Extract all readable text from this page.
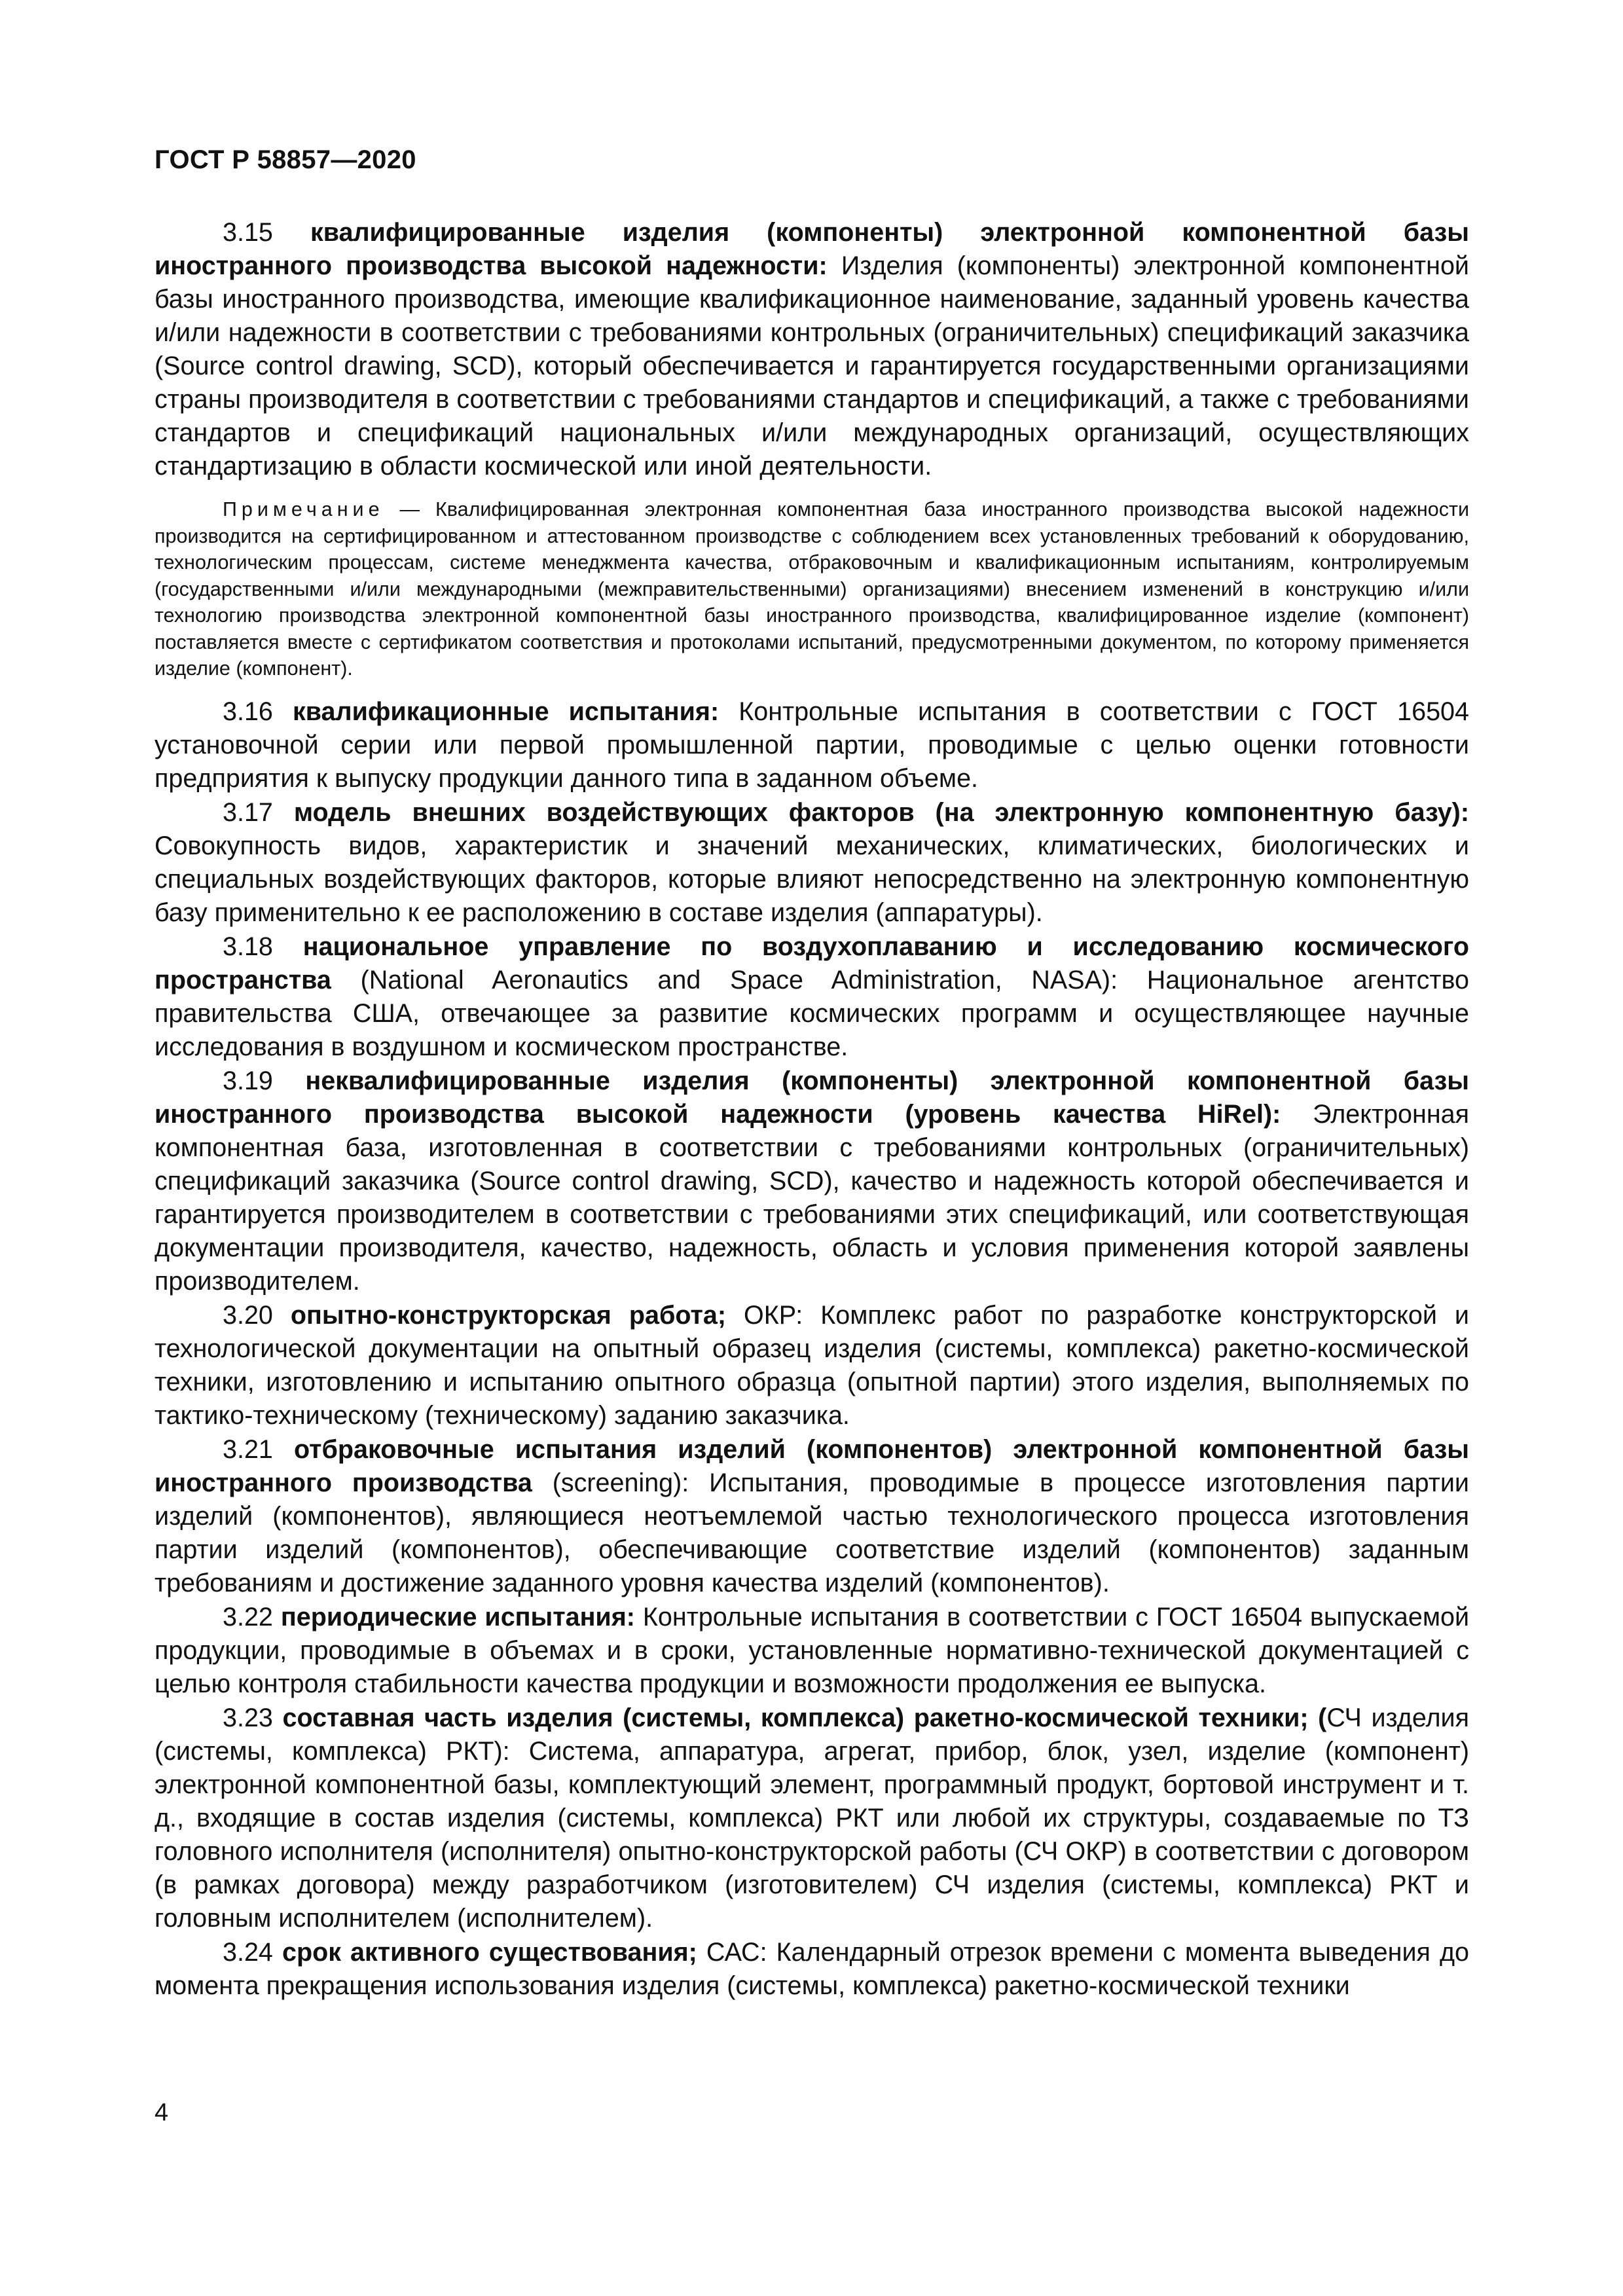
ГОСТ Р 58857—2020

3.15 квалифицированные изделия (компоненты) электронной компонентной базы иностранного производства высокой надежности: Изделия (компоненты) электронной компонентной базы иностранного производства, имеющие квалификационное наименование, заданный уровень качества и/или надежности в соответствии с требованиями контрольных (ограничительных) спецификаций заказчика (Source control drawing, SCD), который обеспечивается и гарантируется государственными организациями страны производителя в соответствии с требованиями стандартов и спецификаций, а также с требованиями стандартов и спецификаций национальных и/или международных организаций, осуществляющих стандартизацию в области космической или иной деятельности.

Примечание — Квалифицированная электронная компонентная база иностранного производства высокой надежности производится на сертифицированном и аттестованном производстве с соблюдением всех установленных требований к оборудованию, технологическим процессам, системе менеджмента качества, отбраковочным и квалификационным испытаниям, контролируемым (государственными и/или международными (межправительственными) организациями) внесением изменений в конструкцию и/или технологию производства электронной компонентной базы иностранного производства, квалифицированное изделие (компонент) поставляется вместе с сертификатом соответствия и протоколами испытаний, предусмотренными документом, по которому применяется изделие (компонент).

3.16 квалификационные испытания: Контрольные испытания в соответствии с ГОСТ 16504 установочной серии или первой промышленной партии, проводимые с целью оценки готовности предприятия к выпуску продукции данного типа в заданном объеме.

3.17 модель внешних воздействующих факторов (на электронную компонентную базу): Совокупность видов, характеристик и значений механических, климатических, биологических и специальных воздействующих факторов, которые влияют непосредственно на электронную компонентную базу применительно к ее расположению в составе изделия (аппаратуры).

3.18 национальное управление по воздухоплаванию и исследованию космического пространства (National Aeronautics and Space Administration, NASA): Национальное агентство правительства США, отвечающее за развитие космических программ и осуществляющее научные исследования в воздушном и космическом пространстве.

3.19 неквалифицированные изделия (компоненты) электронной компонентной базы иностранного производства высокой надежности (уровень качества HiRel): Электронная компонентная база, изготовленная в соответствии с требованиями контрольных (ограничительных) спецификаций заказчика (Source control drawing, SCD), качество и надежность которой обеспечивается и гарантируется производителем в соответствии с требованиями этих спецификаций, или соответствующая документации производителя, качество, надежность, область и условия применения которой заявлены производителем.

3.20 опытно-конструкторская работа; ОКР: Комплекс работ по разработке конструкторской и технологической документации на опытный образец изделия (системы, комплекса) ракетно-космической техники, изготовлению и испытанию опытного образца (опытной партии) этого изделия, выполняемых по тактико-техническому (техническому) заданию заказчика.

3.21 отбраковочные испытания изделий (компонентов) электронной компонентной базы иностранного производства (screening): Испытания, проводимые в процессе изготовления партии изделий (компонентов), являющиеся неотъемлемой частью технологического процесса изготовления партии изделий (компонентов), обеспечивающие соответствие изделий (компонентов) заданным требованиям и достижение заданного уровня качества изделий (компонентов).

3.22 периодические испытания: Контрольные испытания в соответствии с ГОСТ 16504 выпускаемой продукции, проводимые в объемах и в сроки, установленные нормативно-технической документацией с целью контроля стабильности качества продукции и возможности продолжения ее выпуска.

3.23 составная часть изделия (системы, комплекса) ракетно-космической техники; (СЧ изделия (системы, комплекса) РКТ): Система, аппаратура, агрегат, прибор, блок, узел, изделие (компонент) электронной компонентной базы, комплектующий элемент, программный продукт, бортовой инструмент и т. д., входящие в состав изделия (системы, комплекса) РКТ или любой их структуры, создаваемые по ТЗ головного исполнителя (исполнителя) опытно-конструкторской работы (СЧ ОКР) в соответствии с договором (в рамках договора) между разработчиком (изготовителем) СЧ изделия (системы, комплекса) РКТ и головным исполнителем (исполнителем).

3.24 срок активного существования; САС: Календарный отрезок времени с момента выведения до момента прекращения использования изделия (системы, комплекса) ракетно-космической техники

4
